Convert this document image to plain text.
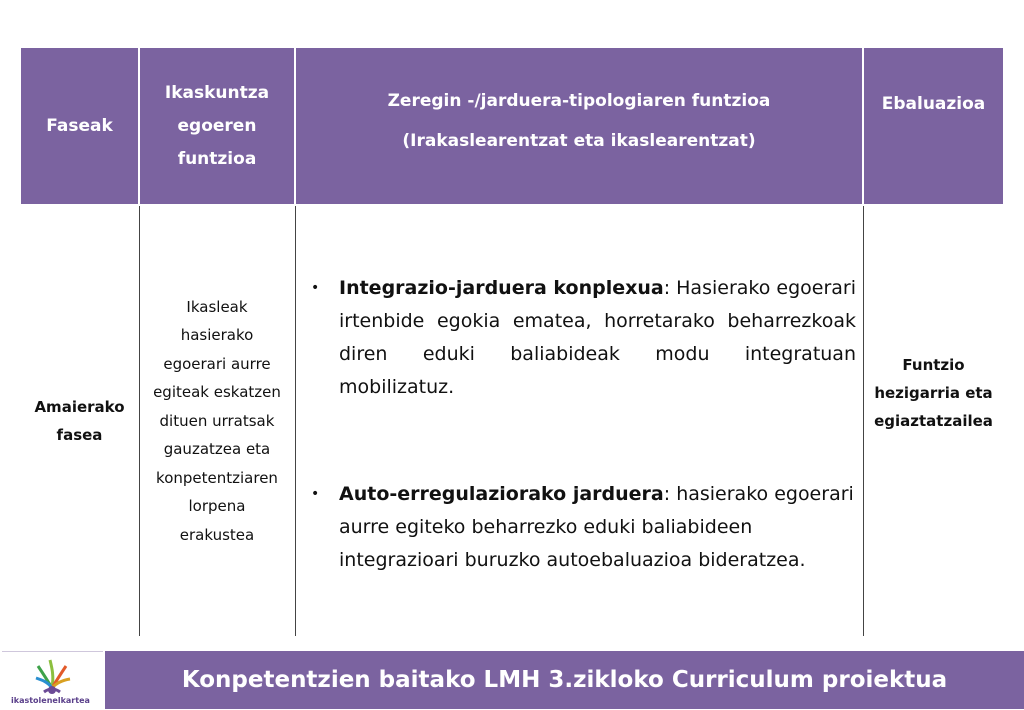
Faseak
Ikaskuntza
egoeren
funtzioa
Zeregin -/jarduera-tipologiaren funtzioa
(Irakaslearentzat eta ikaslearentzat)
Ebaluazioa
Amaierako
fasea
Ikasleak
hasierako
egoerari aurre
egiteak eskatzen
dituen urratsak
gauzatzea eta
konpetentziaren
lorpena
erakustea
• Integrazio-jarduera konplexua: Hasierako egoerari irtenbide egokia ematea, horretarako beharrezkoak diren eduki baliabideak modu integratuan mobilizatuz.
• Auto-erregulaziorako jarduera: hasierako egoerari aurre egiteko beharrezko eduki baliabideen integrazioari buruzko autoebaluazioa bideratzea.
Funtzio
hezigarria eta
egiaztatzailea
ikastolenelkartea
Konpetentzien baitako LMH 3.zikloko Curriculum proiektua
